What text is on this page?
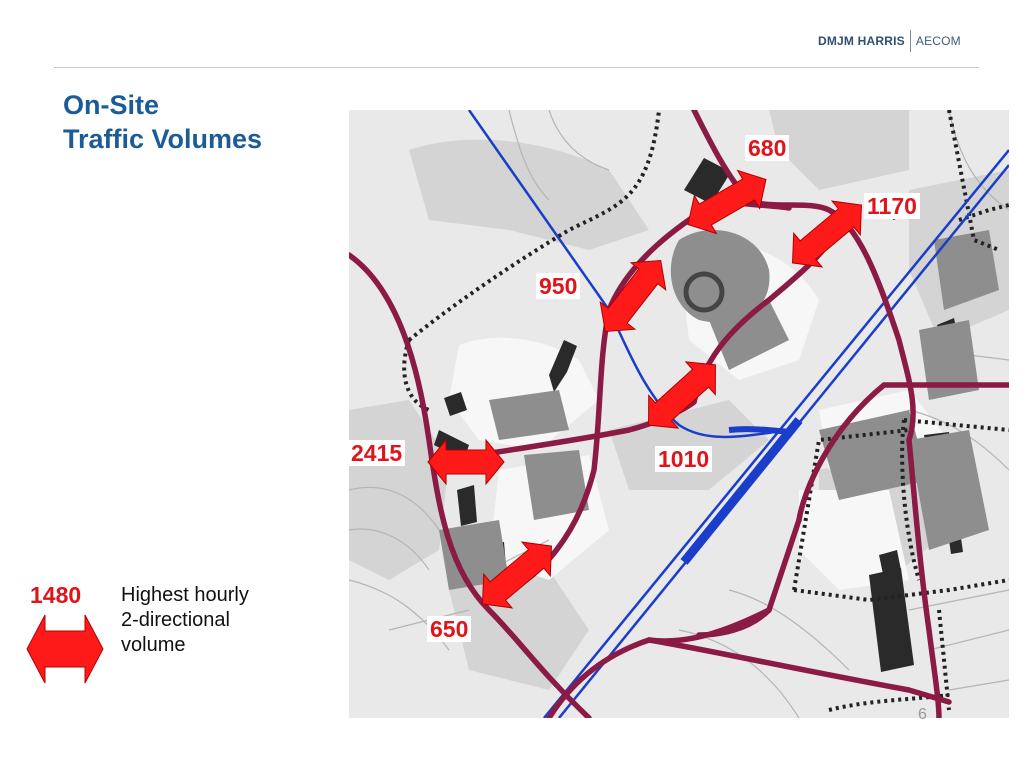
DMJM HARRIS AECOM
On-Site
Traffic Volumes	680
1170
950
2415	1010
650
1480 Highest hourly
2-directional
volume
6
